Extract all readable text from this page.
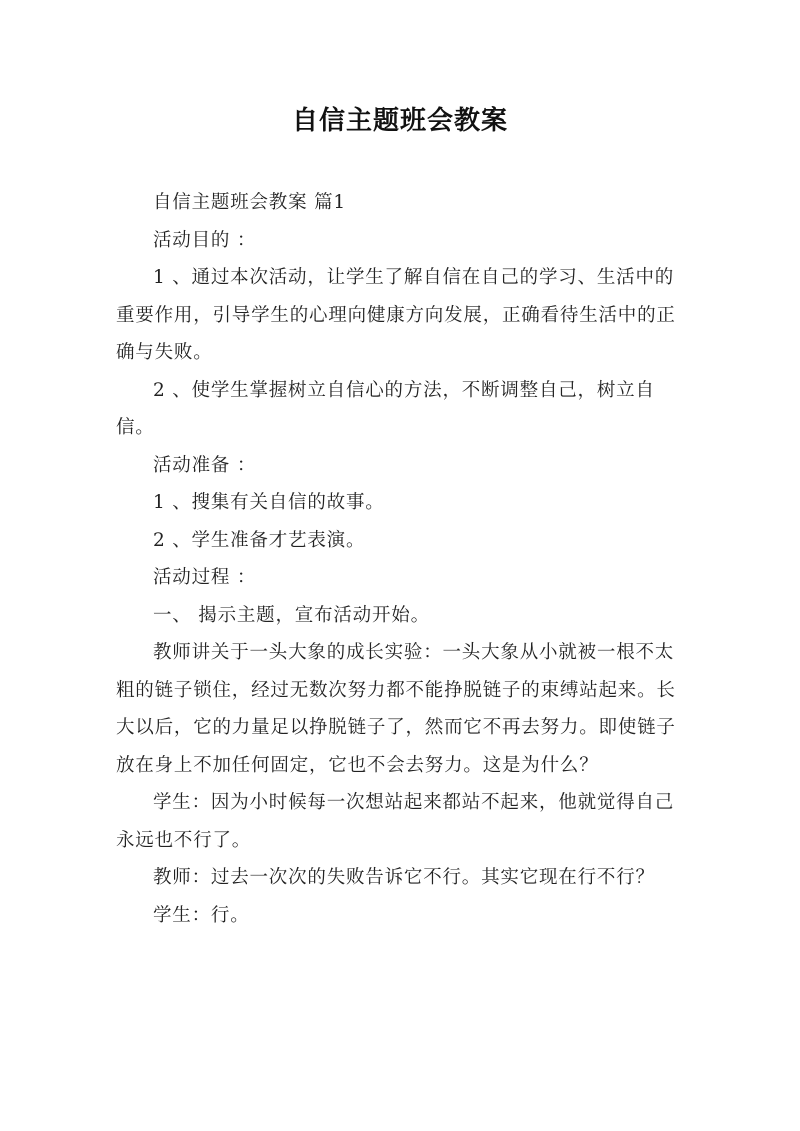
自信主题班会教案

自信主题班会教案 篇1

活动目的 ：

1 、通过本次活动，让学生了解自信在自己的学习、生活中的重要作用，引导学生的心理向健康方向发展，正确看待生活中的正确与失败。

2 、使学生掌握树立自信心的方法，不断调整自己，树立自信。

活动准备 ：

1 、搜集有关自信的故事。

2 、学生准备才艺表演。

活动过程 ：

一、 揭示主题，宣布活动开始。

教师讲关于一头大象的成长实验：一头大象从小就被一根不太粗的链子锁住，经过无数次努力都不能挣脱链子的束缚站起来。长大以后，它的力量足以挣脱链子了，然而它不再去努力。即使链子放在身上不加任何固定，它也不会去努力。这是为什么？

学生：因为小时候每一次想站起来都站不起来，他就觉得自己永远也不行了。

教师：过去一次次的失败告诉它不行。其实它现在行不行？

学生：行。
